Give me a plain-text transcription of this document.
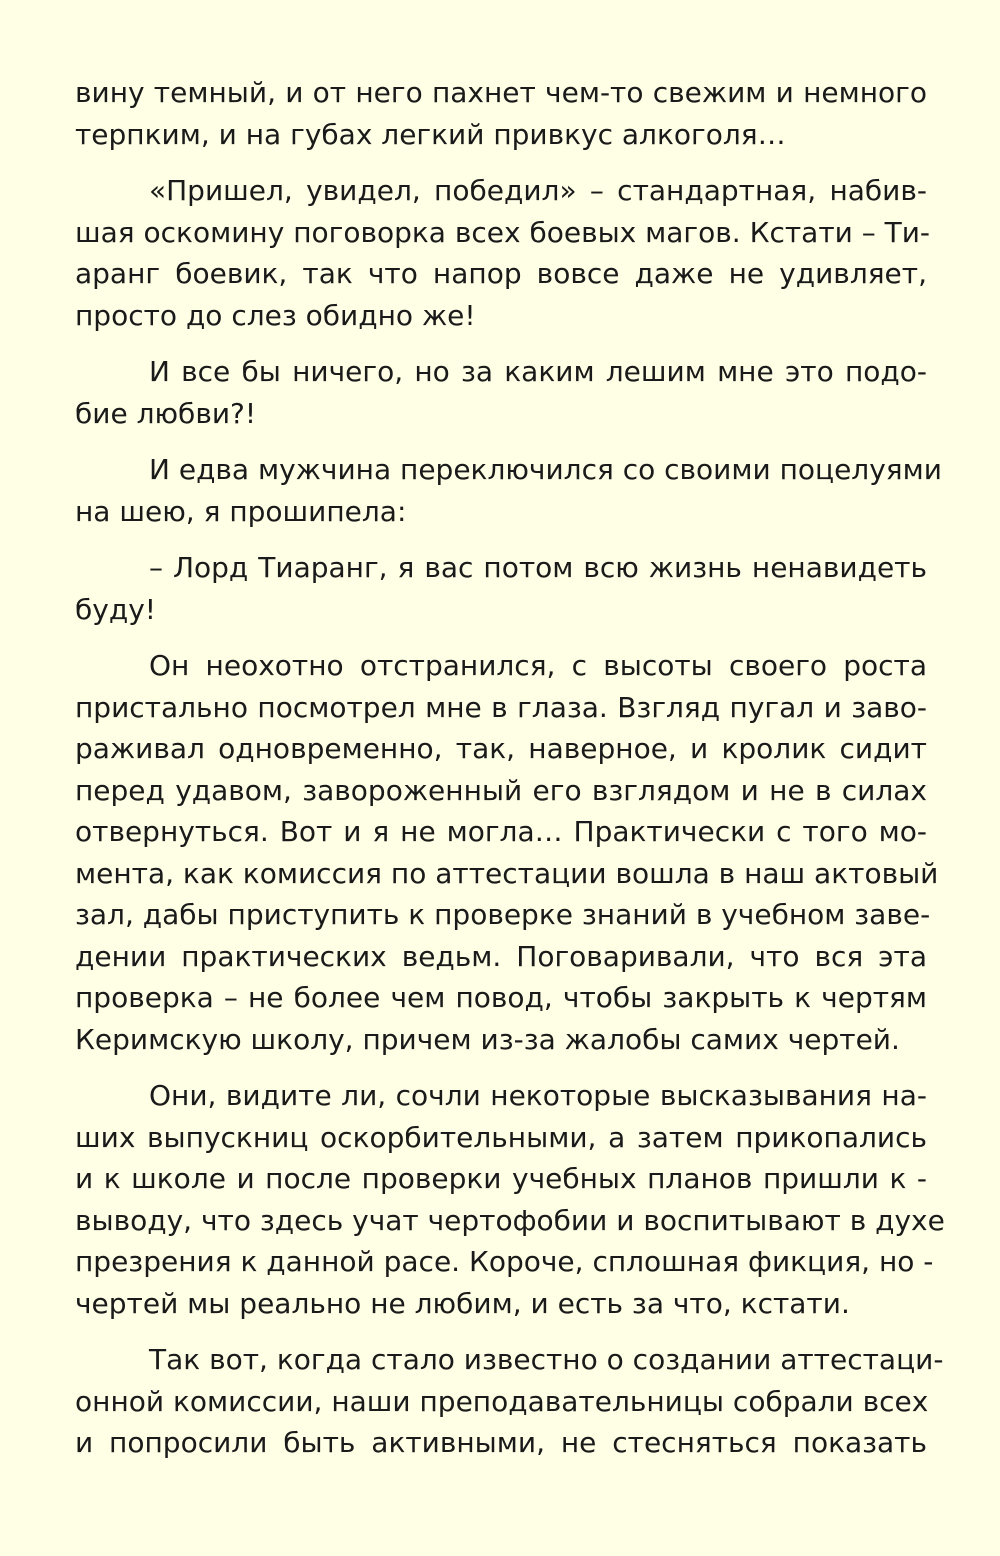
вину темный, и от него пахнет чем-то свежим и немного
терпким, и на губах легкий привкус алкоголя…
«Пришел, увидел, победил» – стандартная, набив-
шая оскомину поговорка всех боевых магов. Кстати – Ти-
аранг боевик, так что напор вовсе даже не удивляет,
просто до слез обидно же!
И все бы ничего, но за каким лешим мне это подо-
бие любви?!
И едва мужчина переключился со своими поцелуями
на шею, я прошипела:
– Лорд Тиаранг, я вас потом всю жизнь ненавидеть
буду!
Он неохотно отстранился, с высоты своего роста
пристально посмотрел мне в глаза. Взгляд пугал и заво-
раживал одновременно, так, наверное, и кролик сидит
перед удавом, завороженный его взглядом и не в силах
отвернуться. Вот и я не могла… Практически с того мо-
мента, как комиссия по аттестации вошла в наш актовый
зал, дабы приступить к проверке знаний в учебном заве-
дении практических ведьм. Поговаривали, что вся эта
проверка – не более чем повод, чтобы закрыть к чертям
Керимскую школу, причем из-за жалобы самих чертей.
Они, видите ли, сочли некоторые высказывания на-
ших выпускниц оскорбительными, а затем прикопались
и к школе и после проверки учебных планов пришли к -
выводу, что здесь учат чертофобии и воспитывают в духе
презрения к данной расе. Короче, сплошная фикция, но -
чертей мы реально не любим, и есть за что, кстати.
Так вот, когда стало известно о создании аттестаци-
онной комиссии, наши преподавательницы собрали всех
и попросили быть активными, не стесняться показать
